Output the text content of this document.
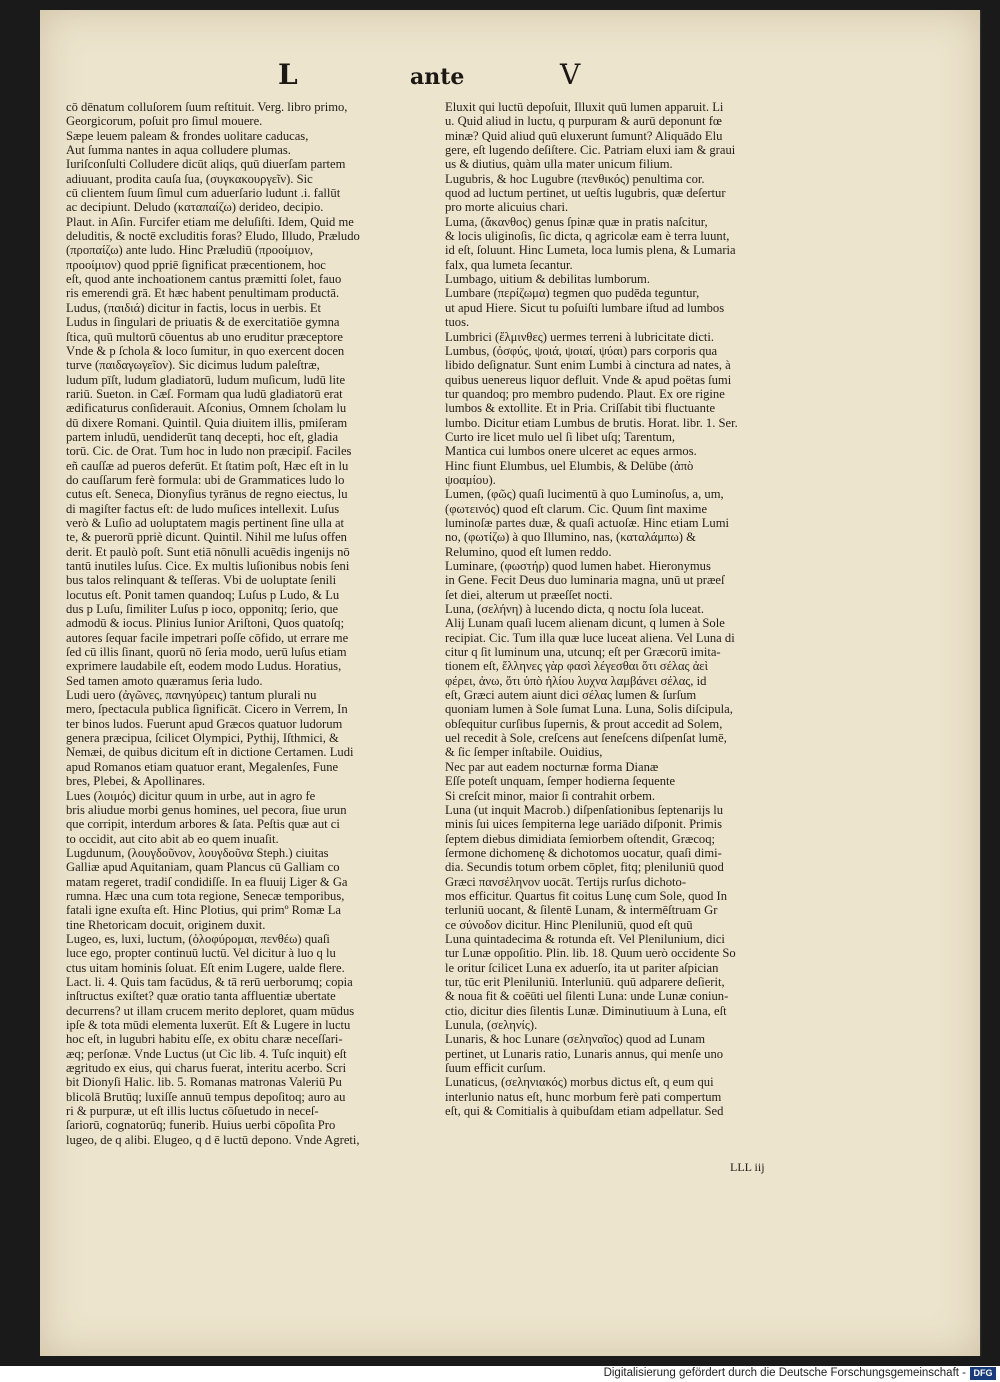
L	ante	V

cō dēnatum colluſorem ſuum reſtituit. Verg. libro primo,

Georgicorum, poſuit pro ſimul mouere.

Sæpe leuem paleam & frondes uolitare caducas,

Aut ſumma nantes in aqua colludere plumas.

Iuriſconſulti Colludere dicūt aliqs, quū diuerſam partem

adiuuant, prodita cauſa ſua, (συγκακουργεῖν). Sic

cū clientem ſuum ſimul cum aduerſario ludunt .i. fallūt

ac decipiunt. Deludo (καταπαίζω) derideo, decipio.

Plaut. in Aſin. Furcifer etiam me deluſiſti. Idem, Quid me

deluditis, & noctē excluditis foras? Eludo, Illudo, Præludo

(προπαίζω) ante ludo. Hinc Præludiū (προοίμιον,

προοίμιον) quod ppriē ſignificat præcentionem, hoc

eſt, quod ante inchoationem cantus præmitti ſolet, fauo

ris emerendi grā. Et hæc habent penultimam productā.

Ludus, (παιδιά) dicitur in factis, locus in uerbis. Et

Ludus in ſingulari de priuatis & de exercitatiōe gymna

ſtica, quū multorū cōuentus ab uno eruditur præceptore

Vnde & p ſchola & loco ſumitur, in quo exercent docen

turve (παιδαγωγεῖον). Sic dicimus ludum paleſtræ,

ludum pīſt, ludum gladiatorū, ludum muſicum, ludū lite

rariū. Sueton. in Cæſ. Formam qua ludū gladiatorū erat

ædificaturus conſiderauit. Aſconius, Omnem ſcholam lu

dū dixere Romani. Quintil. Quia diuitem illis, pmiſeram

partem inludū, uendiderūt tanq decepti, hoc eſt, gladia

torū. Cic. de Orat. Tum hoc in ludo non præcipiſ. Faciles

eñ cauſſæ ad pueros deferūt. Et ſtatim poſt, Hæc eſt in lu

do cauſſarum ferè formula: ubi de Grammatices ludo lo

cutus eſt. Seneca, Dionyſius tyrānus de regno eiectus, lu

di magiſter factus eſt: de ludo muſices intellexit. Luſus

verò & Luſio ad uoluptatem magis pertinent ſine ulla at

te, & puerorū ppriè dicunt. Quintil. Nihil me luſus offen

derit. Et paulò poſt. Sunt etiā nōnulli acuēdis ingenijs nō

tantū inutiles luſus. Cice. Ex multis luſionibus nobis ſeni

bus talos relinquant & teſſeras. Vbi de uoluptate ſenili

locutus eſt. Ponit tamen quandoq; Luſus p Ludo, & Lu

dus p Luſu, ſimiliter Luſus p ioco, opponitq; ſerio, que

admodū & iocus. Plinius Iunior Ariſtoni, Quos quatoſq;

autores ſequar facile impetrari poſſe cōfido, ut errare me

ſed cū illis ſinant, quorū nō ſeria modo, uerū luſus etiam

exprimere laudabile eſt, eodem modo Ludus. Horatius,

Sed tamen amoto quæramus ſeria ludo.

Ludi uero (ἀγῶνες, πανηγύρεις) tantum plurali nu

mero, ſpectacula publica ſignificāt. Cicero in Verrem, In

ter binos ludos. Fuerunt apud Græcos quatuor ludorum

genera præcipua, ſcilicet Olympici, Pythij, Iſthmici, &

Nemæi, de quibus dicitum eſt in dictione Certamen. Ludi

apud Romanos etiam quatuor erant, Megalenſes, Fune

bres, Plebei, & Apollinares.

Lues (λοιμός) dicitur quum in urbe, aut in agro fe

bris aliudue morbi genus homines, uel pecora, ſiue urun

que corripit, interdum arbores & ſata. Peſtis quæ aut ci

to occidit, aut cito abit ab eo quem inuaſit.

Lugdunum, (λουγδοῦνον, λουγδοῦνα Steph.) ciuitas

Galliæ apud Aquitaniam, quam Plancus cū Galliam co

matam regeret, tradiſ condidiſſe. In ea fluuij Liger & Ga

rumna. Hæc una cum tota regione, Senecæ temporibus,

fatali igne exuſta eſt. Hinc Plotius, qui primº Romæ La

tine Rhetoricam docuit, originem duxit.

Lugeo, es, luxi, luctum, (ὀλοφύρομαι, πενθέω) quaſi

luce ego, propter continuū luctū. Vel dicitur à luo q lu

ctus uitam hominis ſoluat. Eſt enim Lugere, ualde flere.

Lact. li. 4. Quis tam facūdus, & tā rerū uerborumq; copia

inſtructus exiſtet? quæ oratio tanta affluentiæ ubertate

decurrens? ut illam crucem merito deploret, quam mūdus

ipſe & tota mūdi elementa luxerūt. Eſt & Lugere in luctu

hoc eſt, in lugubri habitu eſſe, ex obitu charæ neceſſari-

æq; perſonæ. Vnde Luctus (ut Cic lib. 4. Tuſc inquit) eſt

ægritudo ex eius, qui charus fuerat, interitu acerbo. Scri

bit Dionyſi Halic. lib. 5. Romanas matronas Valeriū Pu

blicolā Brutūq; luxiſſe annuū tempus depoſitoq; auro au

ri & purpuræ, ut eſt illis luctus cōſuetudo in neceſ-

ſariorū, cognatorūq; funerib. Huius uerbi cōpoſita Pro

lugeo, de q alibi. Elugeo, q d ē luctū depono. Vnde Agreti,

Eluxit qui luctū depoſuit, Illuxit quū lumen apparuit. Li

u. Quid aliud in luctu, q purpuram & aurū deponunt fœ

minæ? Quid aliud quū eluxerunt ſumunt? Aliquādo Elu

gere, eſt lugendo deſiſtere. Cic. Patriam eluxi iam & graui

us & diutius, quàm ulla mater unicum filium.

Lugubris, & hoc Lugubre (πενθικός) penultima cor.

quod ad luctum pertinet, ut ueſtis lugubris, quæ deſertur

pro morte alicuius chari.

Luma, (ἄκανθος) genus ſpinæ quæ in pratis naſcitur,

& locis uliginoſis, ſic dicta, q agricolæ eam è terra luunt,

id eſt, ſoluunt. Hinc Lumeta, loca lumis plena, & Lumaria

falx, qua lumeta ſecantur.

Lumbago, uitium & debilitas lumborum.

Lumbare (περίζωμα) tegmen quo pudēda teguntur,

ut apud Hiere. Sicut tu poſuiſti lumbare iſtud ad lumbos

tuos.

Lumbrici (ἕλμινθες) uermes terreni à lubricitate dicti.

Lumbus, (ὀσφύς, ψοιά, ψοιαί, ψύαι) pars corporis qua

libido deſignatur. Sunt enim Lumbi à cinctura ad nates, à

quibus uenereus liquor defluit. Vnde & apud poëtas ſumi

tur quandoq; pro membro pudendo. Plaut. Ex ore rigine

lumbos & extollite. Et in Pria. Criſſabit tibi fluctuante

lumbo. Dicitur etiam Lumbus de brutis. Horat. libr. 1. Ser.

Curto ire licet mulo uel ſi libet uſq; Tarentum,

Mantica cui lumbos onere ulceret ac eques armos.

Hinc fiunt Elumbus, uel Elumbis, & Delūbe (ἀπὸ

ψοαμίου).

Lumen, (φῶς) quaſi lucimentū à quo Luminoſus, a, um,

(φωτεινός) quod eſt clarum. Cic. Quum ſint maxime

luminoſæ partes duæ, & quaſi actuoſæ. Hinc etiam Lumi

no, (φωτίζω) à quo Illumino, nas, (καταλάμπω) &

Relumino, quod eſt lumen reddo.

Luminare, (φωστήρ) quod lumen habet. Hieronymus

in Gene. Fecit Deus duo luminaria magna, unū ut præeſ

ſet diei, alterum ut præeſſet nocti.

Luna, (σελήνη) à lucendo dicta, q noctu ſola luceat.

Alij Lunam quaſi lucem alienam dicunt, q lumen à Sole

recipiat. Cic. Tum illa quæ luce luceat aliena. Vel Luna di

citur q ſit luminum una, utcunq; eſt per Græcorū imita-

tionem eſt, ἕλληνες γὰρ φασὶ λέγεσθαι ὅτι σέλας ἀεὶ

φέρει, ἀνω, ὅτι ὑπὸ ἡλίου λυχνα λαμβάνει σέλας, id

eſt, Græci autem aiunt dici σέλας lumen & ſurſum

quoniam lumen à Sole ſumat Luna. Luna, Solis diſcipula,

obſequitur curſibus ſupernis, & prout accedit ad Solem,

uel recedit à Sole, creſcens aut ſeneſcens diſpenſat lumē,

& ſic ſemper inſtabile. Ouidius,

Nec par aut eadem nocturnæ forma Dianæ

Eſſe poteſt unquam, ſemper hodierna ſequente

Si creſcit minor, maior ſi contrahit orbem.

Luna (ut inquit Macrob.) diſpenſationibus ſeptenarijs lu

minis ſui uices ſempiterna lege uariādo diſponit. Primis

ſeptem diebus dimidiata ſemiorbem oſtendit, Græcoq;

ſermone dichomenę & dichotomos uocatur, quaſi dimi-

dia. Secundis totum orbem cōplet, fitq; pleniluniū quod

Græci πανσέληνον uocāt. Tertijs rurſus dichoto-

mos efficitur. Quartus fit coitus Lunę cum Sole, quod In

terluniū uocant, & ſilentē Lunam, & intermēſtruam Gr

ce σύνοδον dicitur. Hinc Pleniluniū, quod eſt quū

Luna quintadecima & rotunda eſt. Vel Plenilunium, dici

tur Lunæ oppoſitio. Plin. lib. 18. Quum uerò occidente So

le oritur ſcilicet Luna ex aduerſo, ita ut pariter aſpician

tur, tūc erit Pleniluniū. Interluniū. quū adparere deſierit,

& noua fit & coēūti uel ſilenti Luna: unde Lunæ coniun-

ctio, dicitur dies ſilentis Lunæ. Diminutiuum à Luna, eſt

Lunula, (σεληνίς).

Lunaris, & hoc Lunare (σεληναῖος) quod ad Lunam

pertinet, ut Lunaris ratio, Lunaris annus, qui menſe uno

ſuum efficit curſum.

Lunaticus, (σεληνιακός) morbus dictus eſt, q eum qui

interlunio natus eſt, hunc morbum ferè pati compertum

eſt, qui & Comitialis à quibuſdam etiam adpellatur. Sed

LLL iij
Digitalisierung gefördert durch die Deutsche Forschungsgemeinschaft - DFG
